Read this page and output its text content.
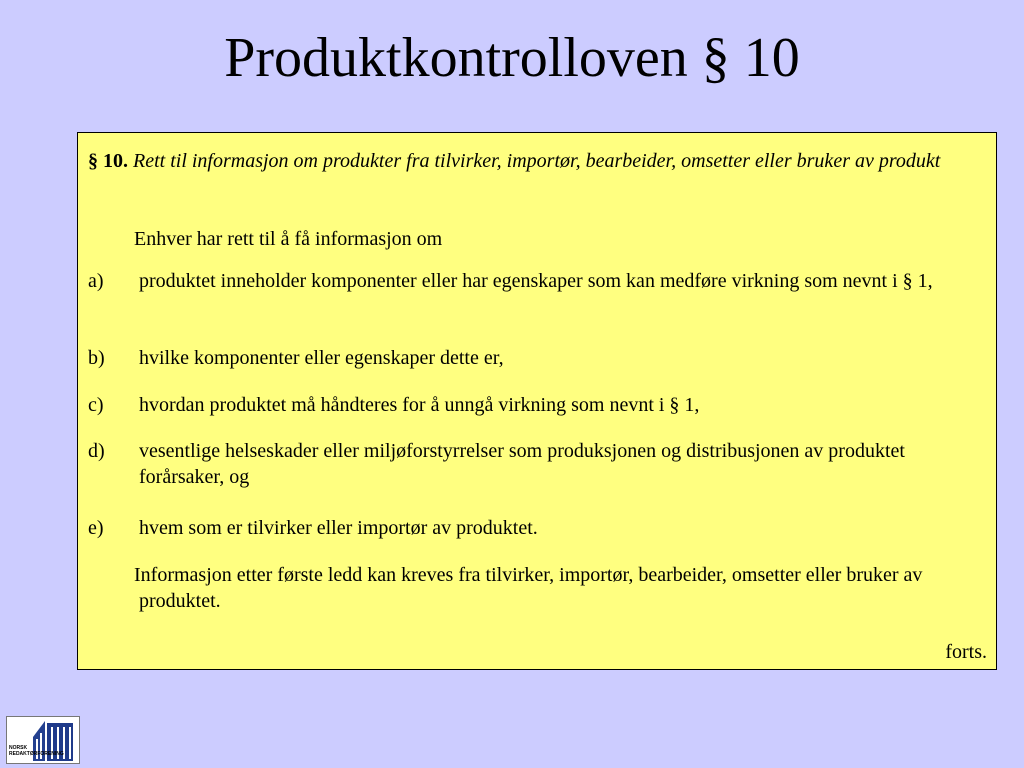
Produktkontrolloven § 10
§ 10. Rett til informasjon om produkter fra tilvirker, importør, bearbeider, omsetter eller bruker av produkt
Enhver har rett til å få informasjon om
a)	produktet inneholder komponenter eller har egenskaper som kan medføre virkning som nevnt i § 1,
b)	hvilke komponenter eller egenskaper dette er,
c)	hvordan produktet må håndteres for å unngå virkning som nevnt i § 1,
d)	vesentlige helseskader eller miljøforstyrrelser som produksjonen og distribusjonen av produktet forårsaker, og
e)	hvem som er tilvirker eller importør av produktet.
Informasjon etter første ledd kan kreves fra tilvirker, importør, bearbeider, omsetter eller bruker av produktet.
forts.
NORSK
REDAKTØRFORENING
